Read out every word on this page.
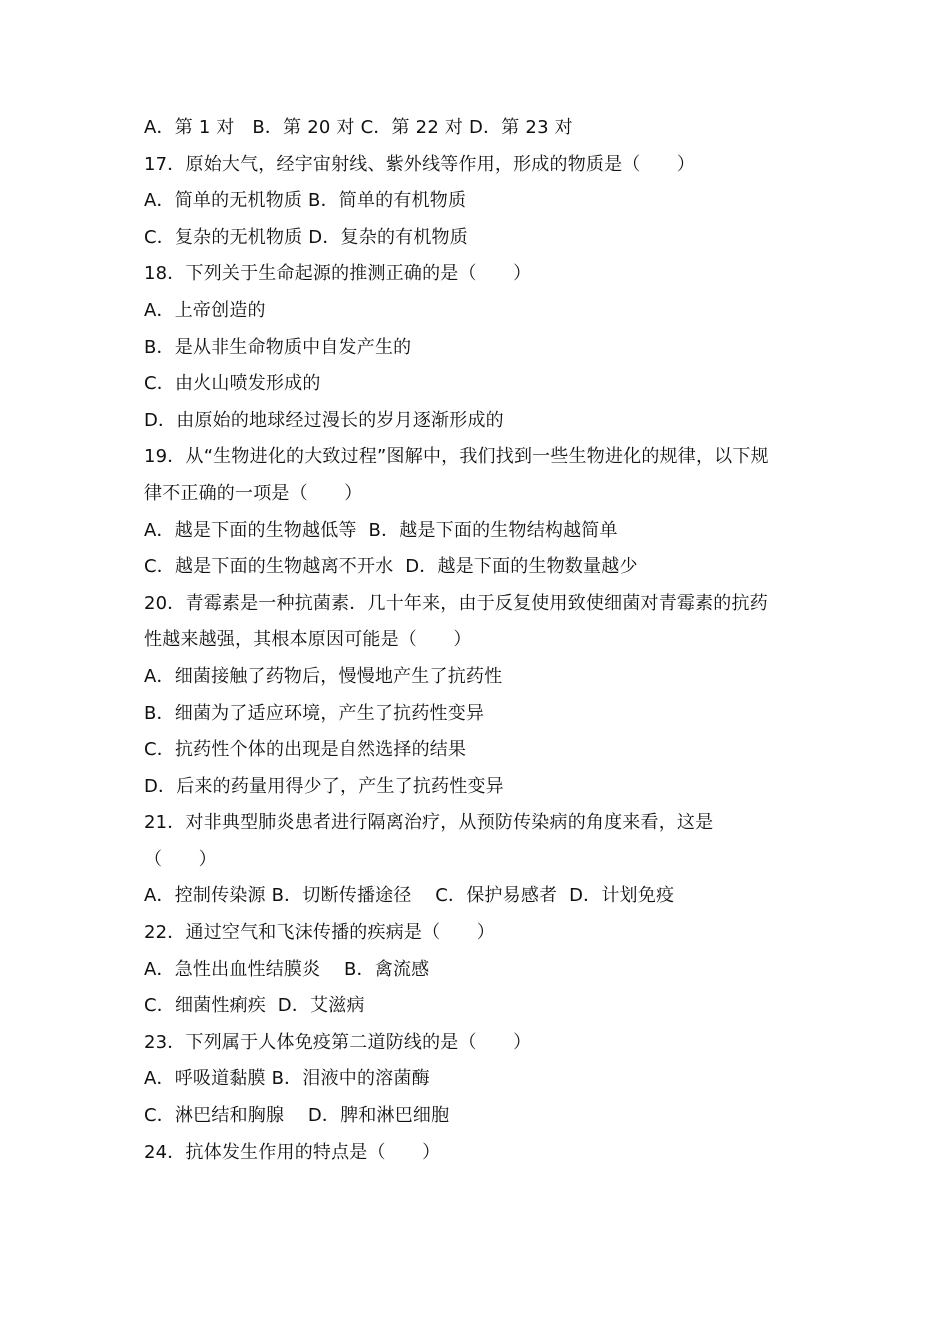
A．第 1 对   B．第 20 对 C．第 22 对 D．第 23 对
17．原始大气，经宇宙射线、紫外线等作用，形成的物质是（　　）
A．简单的无机物质 B．简单的有机物质
C．复杂的无机物质 D．复杂的有机物质
18．下列关于生命起源的推测正确的是（　　）
A．上帝创造的
B．是从非生命物质中自发产生的
C．由火山喷发形成的
D．由原始的地球经过漫长的岁月逐渐形成的
19．从“生物进化的大致过程”图解中，我们找到一些生物进化的规律，以下规
律不正确的一项是（　　）
A．越是下面的生物越低等  B．越是下面的生物结构越简单
C．越是下面的生物越离不开水  D．越是下面的生物数量越少
20．青霉素是一种抗菌素．几十年来，由于反复使用致使细菌对青霉素的抗药
性越来越强，其根本原因可能是（　　）
A．细菌接触了药物后，慢慢地产生了抗药性
B．细菌为了适应环境，产生了抗药性变异
C．抗药性个体的出现是自然选择的结果
D．后来的药量用得少了，产生了抗药性变异
21．对非典型肺炎患者进行隔离治疗，从预防传染病的角度来看，这是
（　　）
A．控制传染源 B．切断传播途径    C．保护易感者  D．计划免疫
22．通过空气和飞沫传播的疾病是（　　）
A．急性出血性结膜炎    B．禽流感
C．细菌性痢疾  D．艾滋病
23．下列属于人体免疫第二道防线的是（　　）
A．呼吸道黏膜 B．泪液中的溶菌酶
C．淋巴结和胸腺    D．脾和淋巴细胞
24．抗体发生作用的特点是（　　）
